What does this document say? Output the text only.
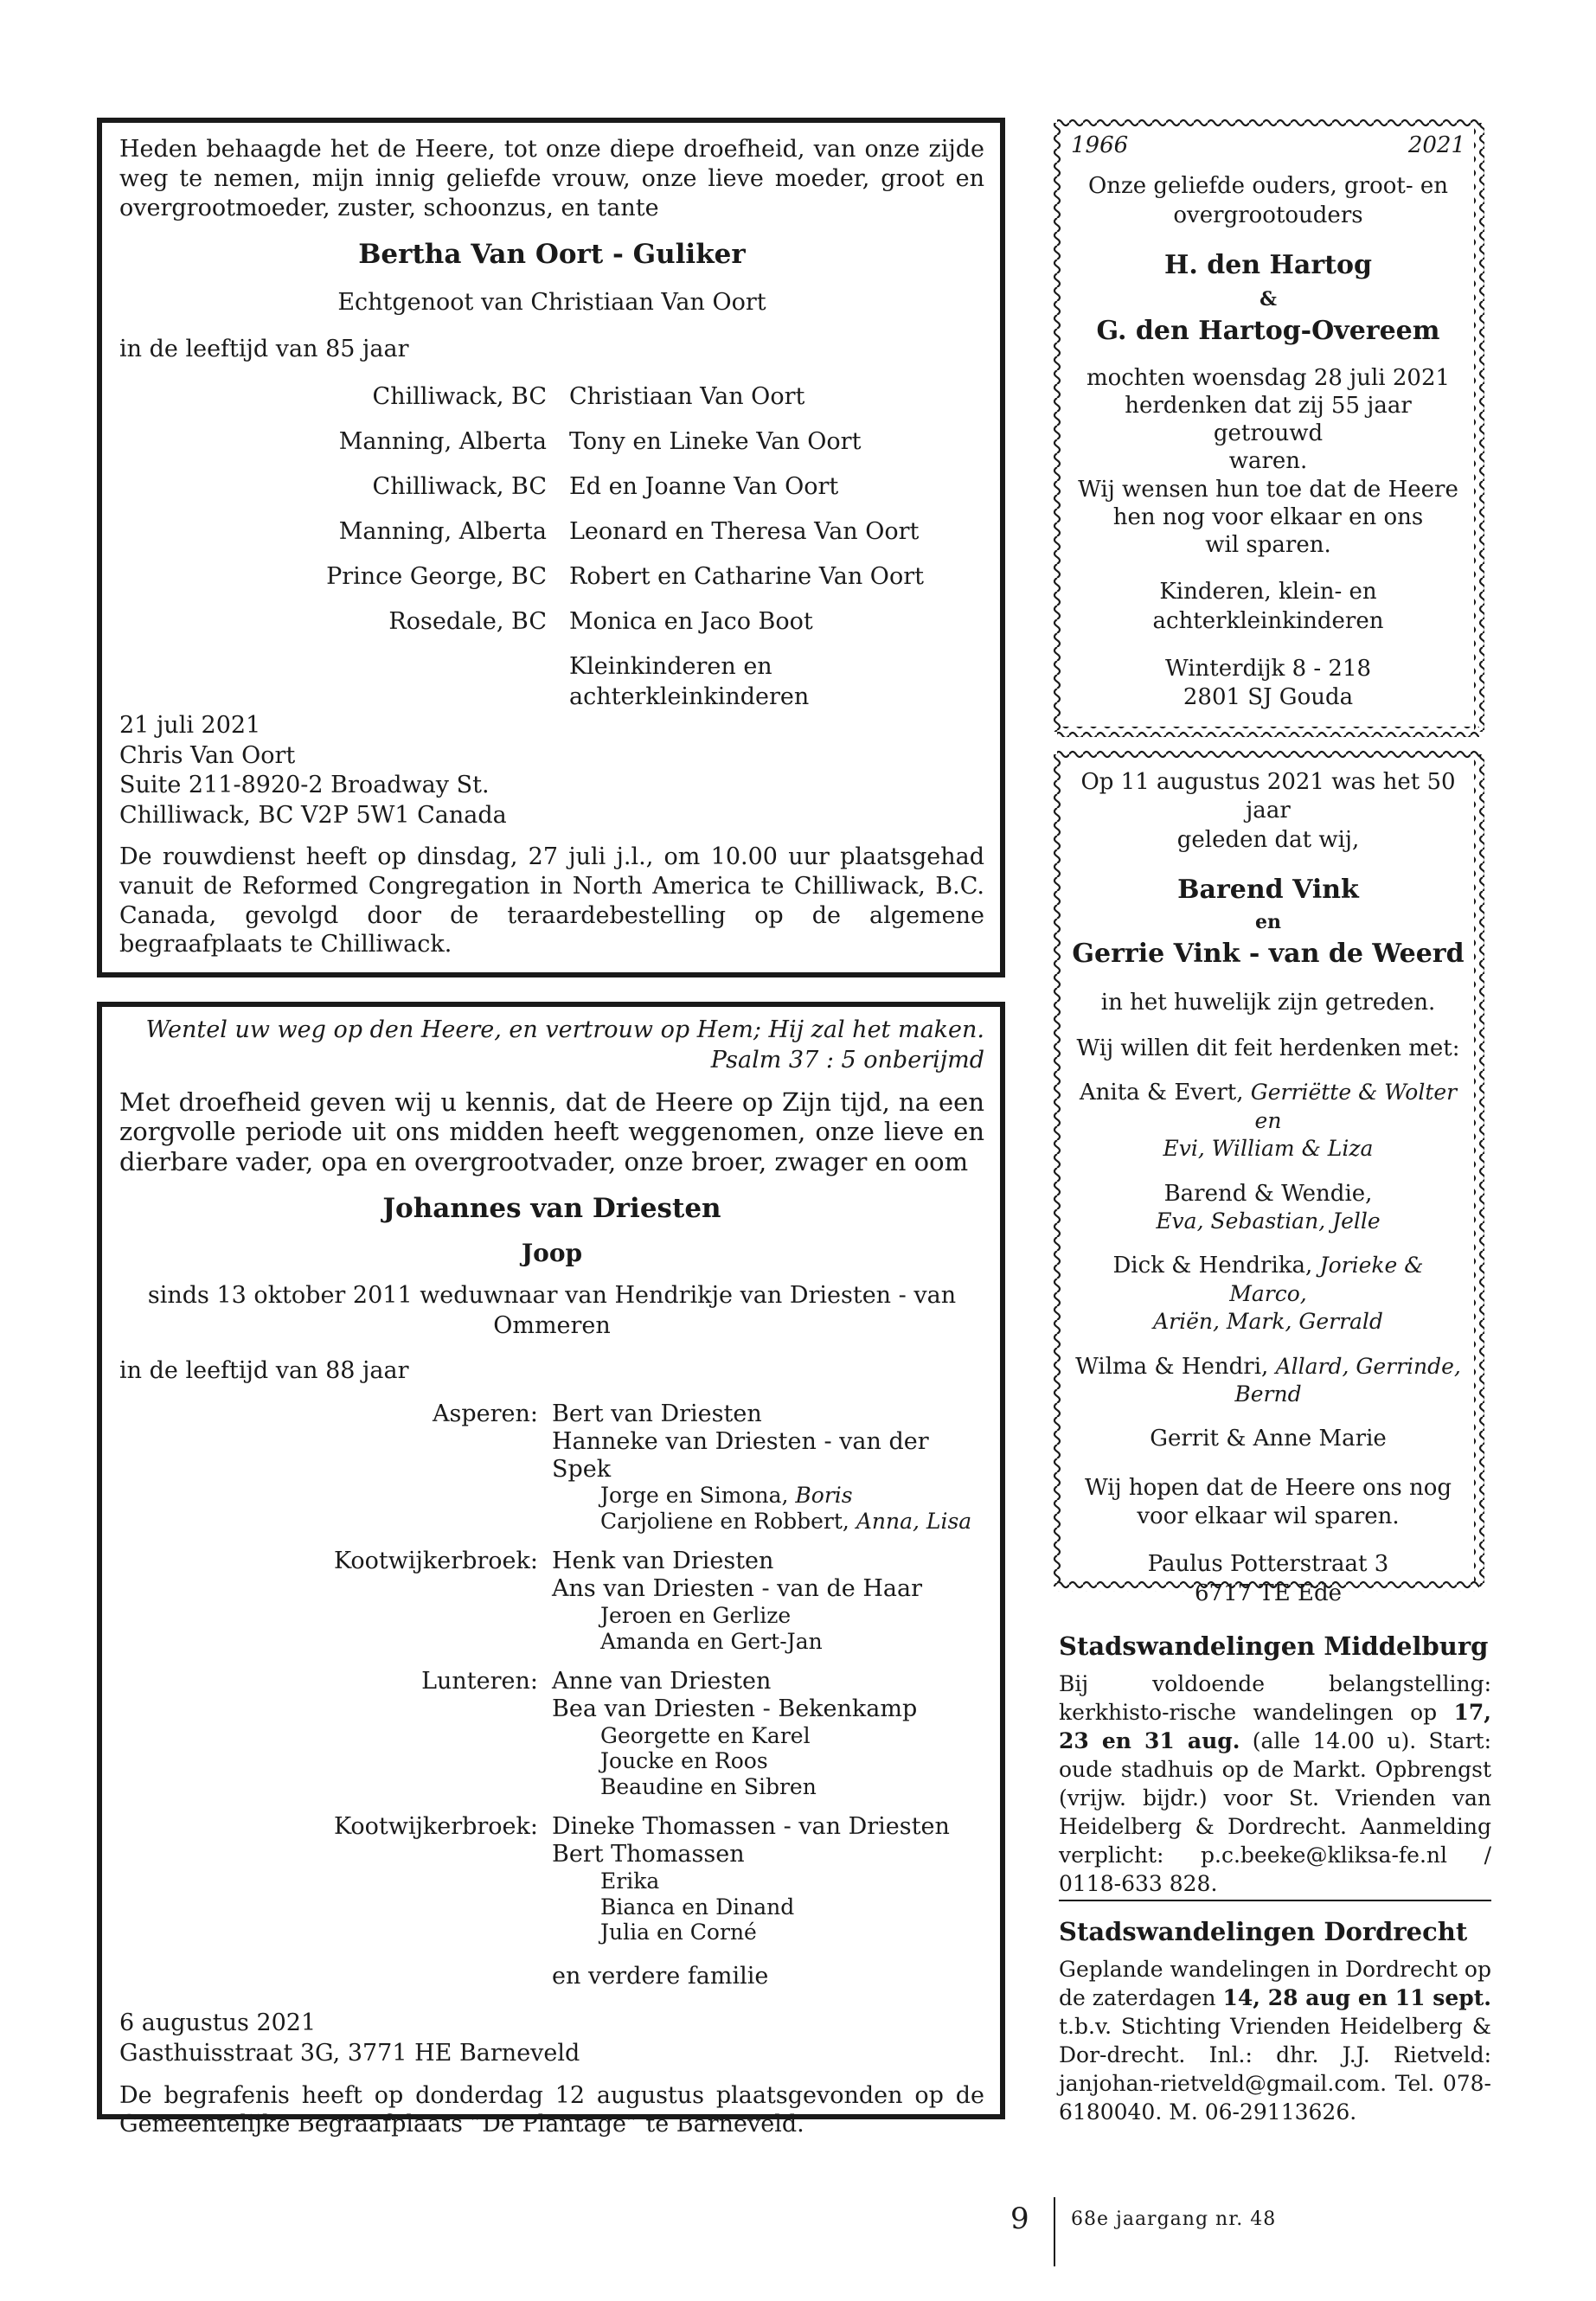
Heden behaagde het de Heere, tot onze diepe droefheid, van onze zijde weg te nemen, mijn innig geliefde vrouw, onze lieve moeder, groot en overgrootmoeder, zuster, schoonzus, en tante

Bertha Van Oort - Guliker

Echtgenoot van Christiaan Van Oort

in de leeftijd van 85 jaar

Chilliwack, BC Christiaan Van Oort
Manning, Alberta Tony en Lineke Van Oort
Chilliwack, BC Ed en Joanne Van Oort
Manning, Alberta Leonard en Theresa Van Oort
Prince George, BC Robert en Catharine Van Oort
Rosedale, BC Monica en Jaco Boot
Kleinkinderen en achterkleinkinderen

21 juli 2021

Chris Van Oort

Suite 211-8920-2 Broadway St.

Chilliwack, BC V2P 5W1 Canada

De rouwdienst heeft op dinsdag, 27 juli j.l., om 10.00 uur plaatsgehad vanuit de Reformed Congregation in North America te Chilliwack, B.C. Canada, gevolgd door de teraardebestelling op de algemene begraafplaats te Chilliwack.

Wentel uw weg op den Heere, en vertrouw op Hem; Hij zal het maken.

Psalm 37 : 5 onberijmd

Met droefheid geven wij u kennis, dat de Heere op Zijn tijd, na een zorgvolle periode uit ons midden heeft weggenomen, onze lieve en dierbare vader, opa en overgrootvader, onze broer, zwager en oom

Johannes van Driesten

Joop

sinds 13 oktober 2011 weduwnaar van Hendrikje van Driesten - van Ommeren

in de leeftijd van 88 jaar

Asperen: Bert van Driesten

Hanneke van Driesten - van der Spek

Jorge en Simona, Boris

Carjoliene en Robbert, Anna, Lisa

Kootwijkerbroek: Henk van Driesten

Ans van Driesten - van de Haar

Jeroen en Gerlize

Amanda en Gert-Jan

Lunteren: Anne van Driesten

Bea van Driesten - Bekenkamp

Georgette en Karel

Joucke en Roos

Beaudine en Sibren

Kootwijkerbroek: Dineke Thomassen - van Driesten

Bert Thomassen

Erika

Bianca en Dinand

Julia en Corné

en verdere familie

6 augustus 2021

Gasthuisstraat 3G, 3771 HE Barneveld

De begrafenis heeft op donderdag 12 augustus plaatsgevonden op de Gemeentelijke Begraafplaats ”De Plantage” te Barneveld.

1966	2021

Onze geliefde ouders, groot- en

overgrootouders

H. den Hartog

&

G. den Hartog-Overeem

mochten woensdag 28 juli 2021

herdenken dat zij 55 jaar getrouwd

waren.

Wij wensen hun toe dat de Heere

hen nog voor elkaar en ons

wil sparen.

Kinderen, klein- en

achterkleinkinderen

Winterdijk 8 - 218

2801 SJ Gouda

Op 11 augustus 2021 was het 50 jaar

geleden dat wij,

Barend Vink

en

Gerrie Vink - van de Weerd

in het huwelijk zijn getreden.

Wij willen dit feit herdenken met:

Anita & Evert, Gerriëtte & Wolter en

Evi, William & Liza

Barend & Wendie,

Eva, Sebastian, Jelle

Dick & Hendrika, Jorieke & Marco,

Ariën, Mark, Gerrald

Wilma & Hendri, Allard, Gerrinde,

Bernd

Gerrit & Anne Marie

Wij hopen dat de Heere ons nog

voor elkaar wil sparen.

Paulus Potterstraat 3

6717 TE Ede

Stadswandelingen Middelburg

Bij voldoende belangstelling: kerkhisto-rische wandelingen op 17, 23 en 31 aug. (alle 14.00 u). Start: oude stadhuis op de Markt. Opbrengst (vrijw. bijdr.) voor St. Vrienden van Heidelberg & Dordrecht. Aanmelding verplicht: p.c.beeke@kliksa-fe.nl / 0118-633 828.

Stadswandelingen Dordrecht

Geplande wandelingen in Dordrecht op de zaterdagen 14, 28 aug en 11 sept. t.b.v. Stichting Vrienden Heidelberg & Dor-drecht. Inl.: dhr. J.J. Rietveld: janjohan-rietveld@gmail.com. Tel. 078-6180040. M. 06-29113626.

9 68e jaargang nr. 48
